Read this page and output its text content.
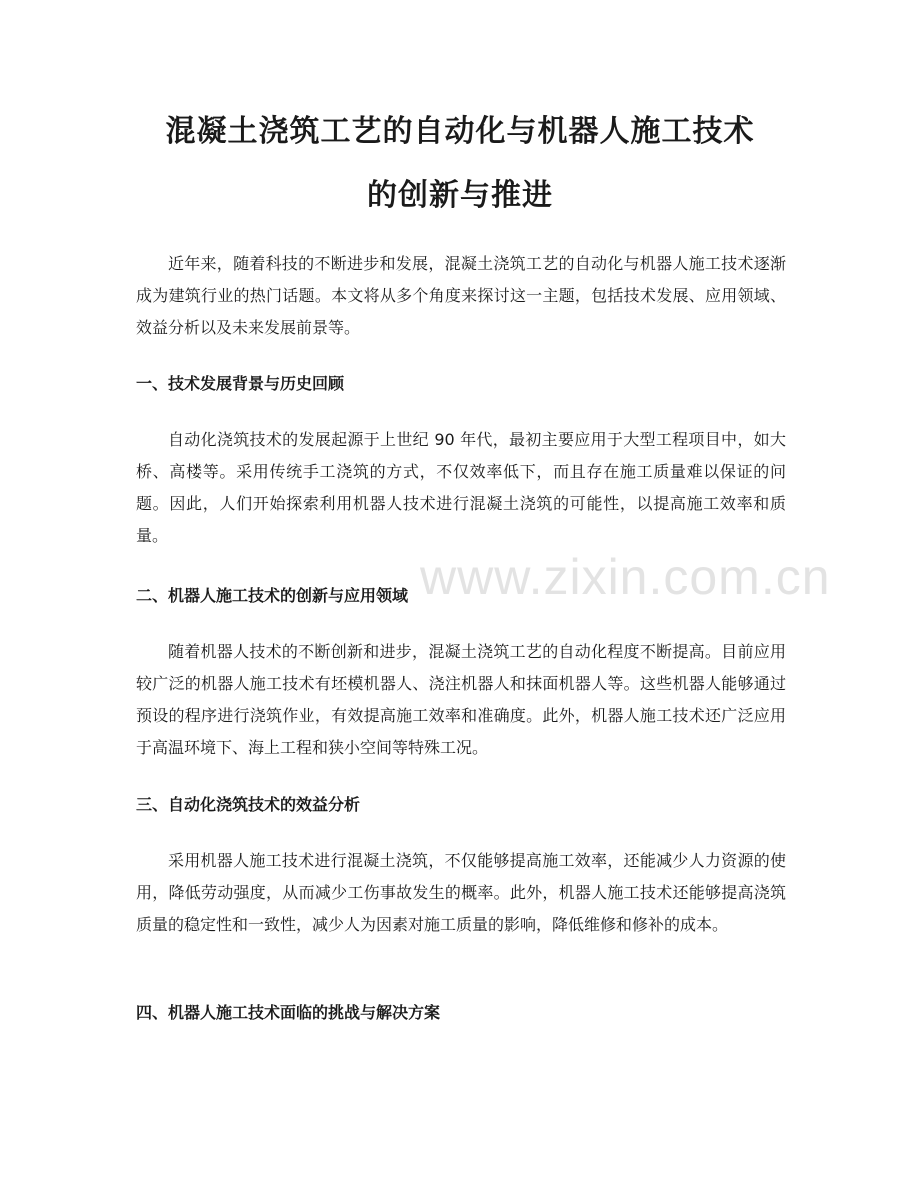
www.zixin.com.cn
混凝土浇筑工艺的自动化与机器人施工技术
的创新与推进

近年来，随着科技的不断进步和发展，混凝土浇筑工艺的自动化与机器人施工技术逐渐成为建筑行业的热门话题。本文将从多个角度来探讨这一主题，包括技术发展、应用领域、效益分析以及未来发展前景等。

一、技术发展背景与历史回顾

自动化浇筑技术的发展起源于上世纪 90 年代，最初主要应用于大型工程项目中，如大桥、高楼等。采用传统手工浇筑的方式，不仅效率低下，而且存在施工质量难以保证的问题。因此，人们开始探索利用机器人技术进行混凝土浇筑的可能性，以提高施工效率和质量。

二、机器人施工技术的创新与应用领域

随着机器人技术的不断创新和进步，混凝土浇筑工艺的自动化程度不断提高。目前应用较广泛的机器人施工技术有坯模机器人、浇注机器人和抹面机器人等。这些机器人能够通过预设的程序进行浇筑作业，有效提高施工效率和准确度。此外，机器人施工技术还广泛应用于高温环境下、海上工程和狭小空间等特殊工况。

三、自动化浇筑技术的效益分析

采用机器人施工技术进行混凝土浇筑，不仅能够提高施工效率，还能减少人力资源的使用，降低劳动强度，从而减少工伤事故发生的概率。此外，机器人施工技术还能够提高浇筑质量的稳定性和一致性，减少人为因素对施工质量的影响，降低维修和修补的成本。

四、机器人施工技术面临的挑战与解决方案
